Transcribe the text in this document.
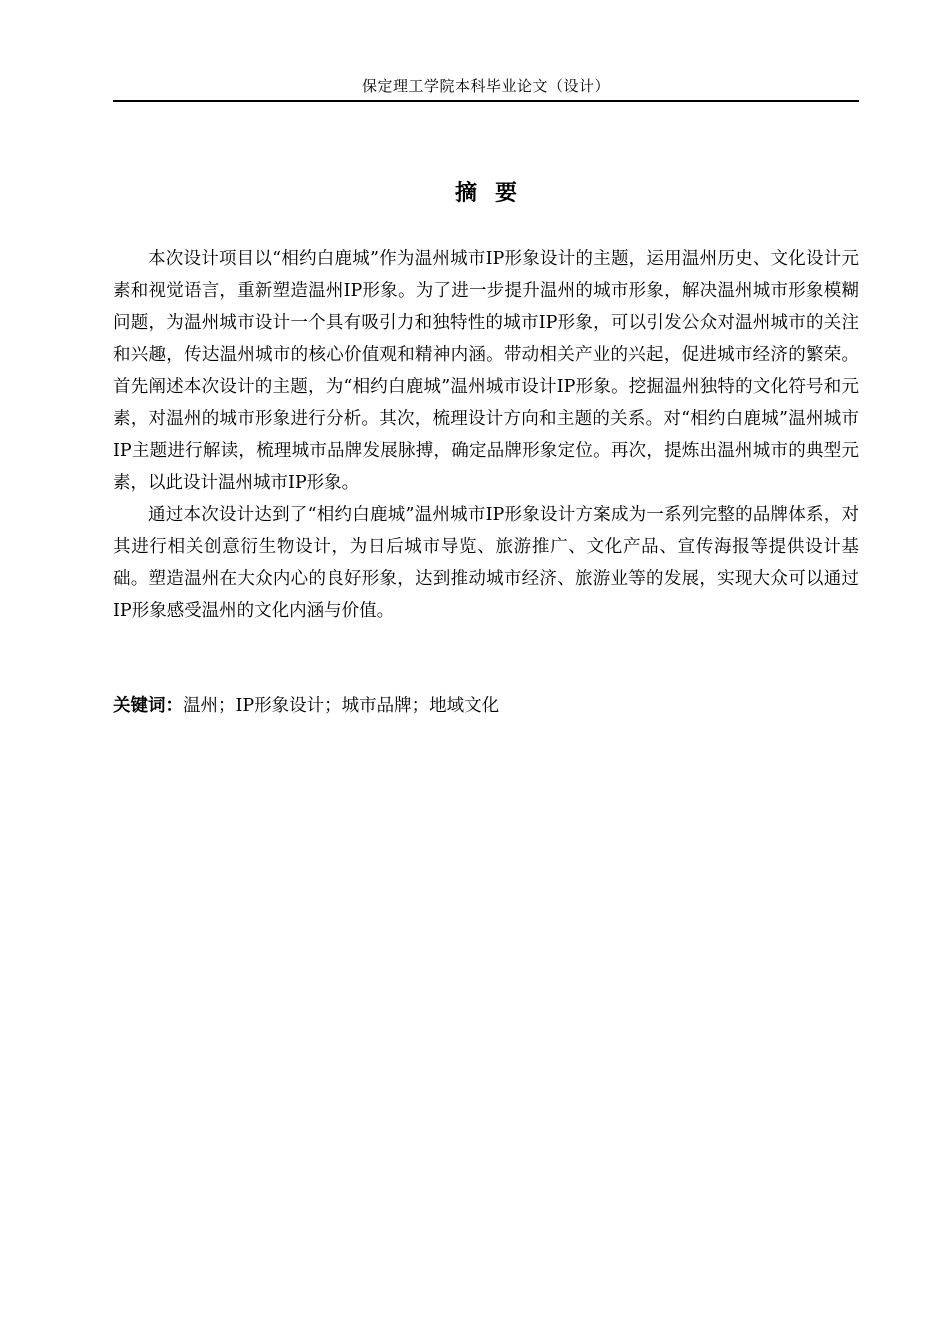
保定理工学院本科毕业论文（设计）
摘要

本次设计项目以“相约白鹿城”作为温州城市IP形象设计的主题，运用温州历史、文化设计元素和视觉语言，重新塑造温州IP形象。为了进一步提升温州的城市形象，解决温州城市形象模糊问题，为温州城市设计一个具有吸引力和独特性的城市IP形象，可以引发公众对温州城市的关注和兴趣，传达温州城市的核心价值观和精神内涵。带动相关产业的兴起，促进城市经济的繁荣。首先阐述本次设计的主题，为“相约白鹿城”温州城市设计IP形象。挖掘温州独特的文化符号和元素，对温州的城市形象进行分析。其次，梳理设计方向和主题的关系。对“相约白鹿城”温州城市IP主题进行解读，梳理城市品牌发展脉搏，确定品牌形象定位。再次，提炼出温州城市的典型元素，以此设计温州城市IP形象。

通过本次设计达到了“相约白鹿城”温州城市IP形象设计方案成为一系列完整的品牌体系，对其进行相关创意衍生物设计，为日后城市导览、旅游推广、文化产品、宣传海报等提供设计基础。塑造温州在大众内心的良好形象，达到推动城市经济、旅游业等的发展，实现大众可以通过IP形象感受温州的文化内涵与价值。

关键词：温州；IP形象设计；城市品牌；地域文化
